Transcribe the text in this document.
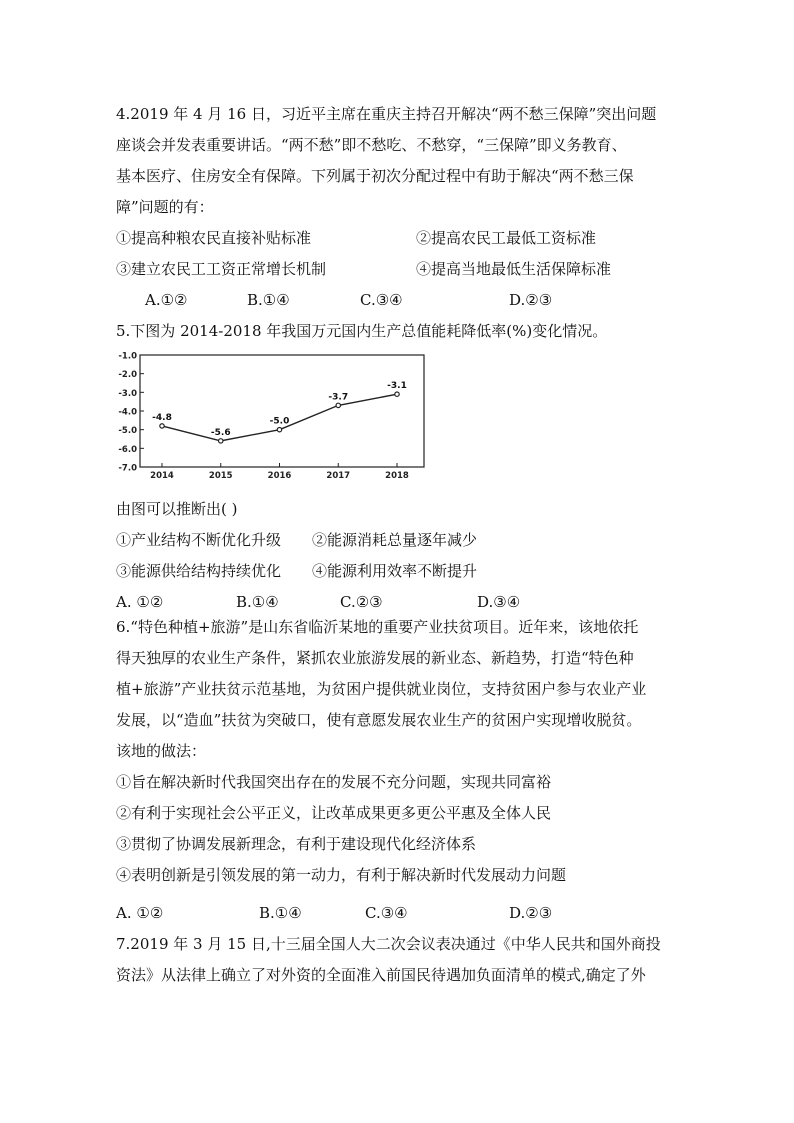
4.2019 年 4 月 16 日，习近平主席在重庆主持召开解决“两不愁三保障”突出问题
座谈会并发表重要讲话。“两不愁”即不愁吃、不愁穿，“三保障”即义务教育、
基本医疗、住房安全有保障。下列属于初次分配过程中有助于解决“两不愁三保
障”问题的有：
①提高种粮农民直接补贴标准	②提高农民工最低工资标准
③建立农民工工资正常增长机制	④提高当地最低生活保障标准
A.①②	B.①④	C.③④	D.②③
5.下图为 2014-2018 年我国万元国内生产总值能耗降低率(%)变化情况。
-1.0
-2.0
-3.0
-4.0
-5.0
-6.0
-7.0
2014	2015	2016	2017	2018
-4.8
-5.6
-5.0
-3.7
-3.1
由图可以推断出( )
①产业结构不断优化升级 ②能源消耗总量逐年减少
③能源供给结构持续优化 ④能源利用效率不断提升
A. ①②	B.①④	C.②③	D.③④
6.“特色种植+旅游”是山东省临沂某地的重要产业扶贫项目。近年来，该地依托
得天独厚的农业生产条件，紧抓农业旅游发展的新业态、新趋势，打造“特色种
植+旅游”产业扶贫示范基地，为贫困户提供就业岗位，支持贫困户参与农业产业
发展，以“造血”扶贫为突破口，使有意愿发展农业生产的贫困户实现增收脱贫。
该地的做法：
①旨在解决新时代我国突出存在的发展不充分问题，实现共同富裕
②有利于实现社会公平正义，让改革成果更多更公平惠及全体人民
③贯彻了协调发展新理念，有利于建设现代化经济体系
④表明创新是引领发展的第一动力，有利于解决新时代发展动力问题
A. ①②	B.①④	C.③④	D.②③
7.2019 年 3 月 15 日,十三届全国人大二次会议表决通过《中华人民共和国外商投
资法》从法律上确立了对外资的全面准入前国民待遇加负面清单的模式,确定了外
